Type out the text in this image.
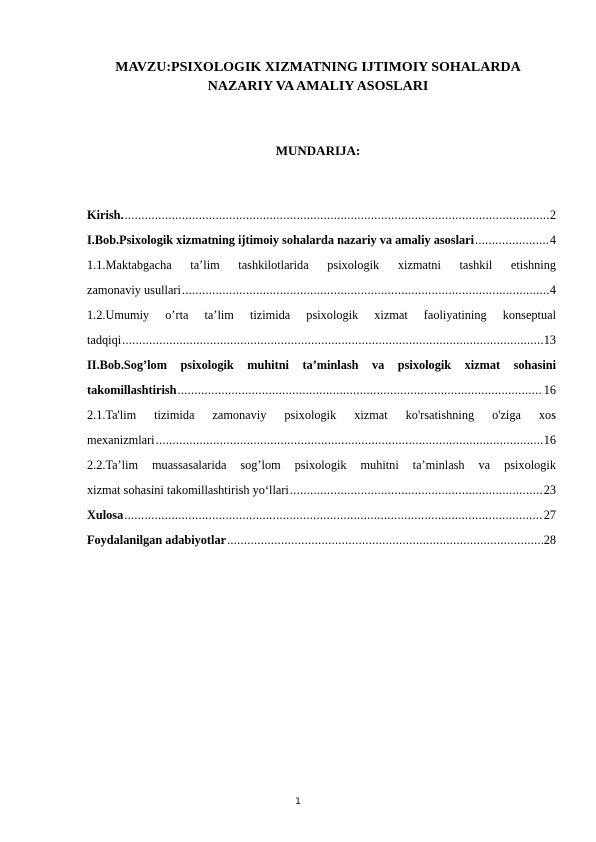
MAVZU:PSIXOLOGIK XIZMATNING IJTIMOIY SOHALARDA
NAZARIY VA AMALIY ASOSLARI
MUNDARIJA:
Kirish. .....	2
I.Bob.Psixologik xizmatning ijtimoiy sohalarda nazariy va amaliy asoslari .....	4
1.1.Maktabgacha ta’lim tashkilotlarida psixologik xizmatni tashkil etishning
zamonaviy usullari .....	4
1.2.Umumiy o’rta ta’lim tizimida psixologik xizmat faoliyatining konseptual
tadqiqi .....	13
II.Bob.Sog’lom psixologik muhitni ta’minlash va psixologik xizmat sohasini
takomillashtirish .....	16
2.1.Ta'lim tizimida zamonaviy psixologik xizmat ko'rsatishning o'ziga xos
mexanizmlari .....	16
2.2.Ta’lim muassasalarida sog’lom psixologik muhitni ta’minlash va psixologik
xizmat sohasini takomillashtirish yo‘llari .....	23
Xulosa .....	27
Foydalanilgan adabiyotlar .....	28
1
